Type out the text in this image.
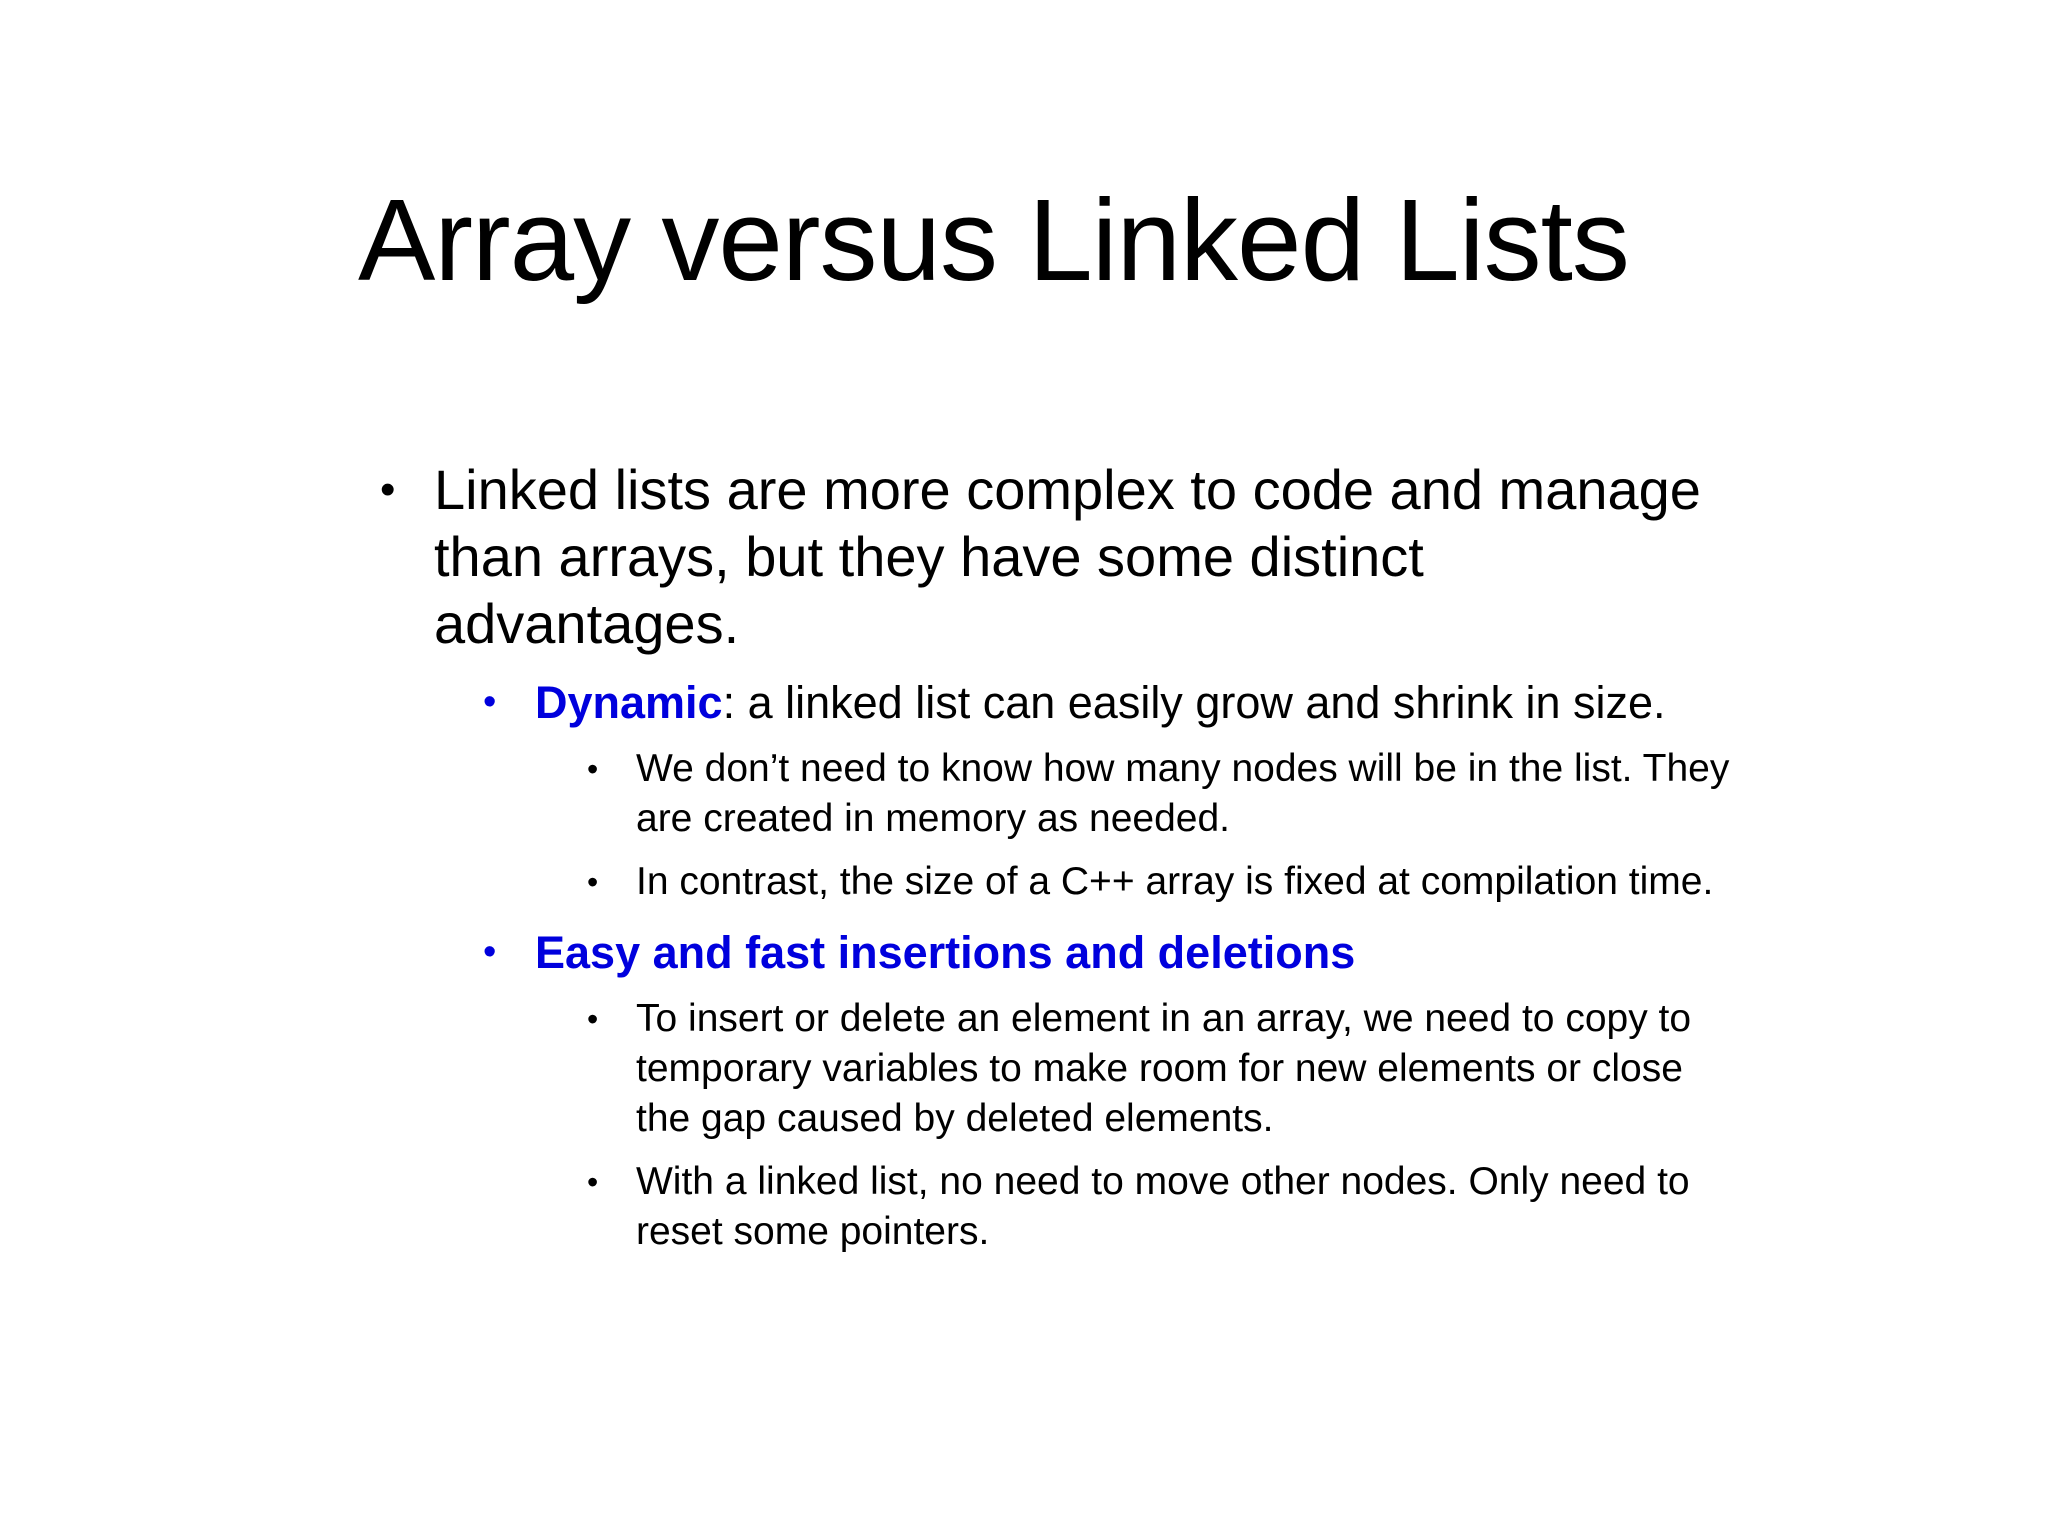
Array versus Linked Lists
• Linked lists are more complex to code and manage than arrays, but they have some distinct advantages.
• Dynamic: a linked list can easily grow and shrink in size.
• We don’t need to know how many nodes will be in the list. They are created in memory as needed.
• In contrast, the size of a C++ array is fixed at compilation time.
• Easy and fast insertions and deletions
• To insert or delete an element in an array, we need to copy to temporary variables to make room for new elements or close the gap caused by deleted elements.
• With a linked list, no need to move other nodes. Only need to reset some pointers.
